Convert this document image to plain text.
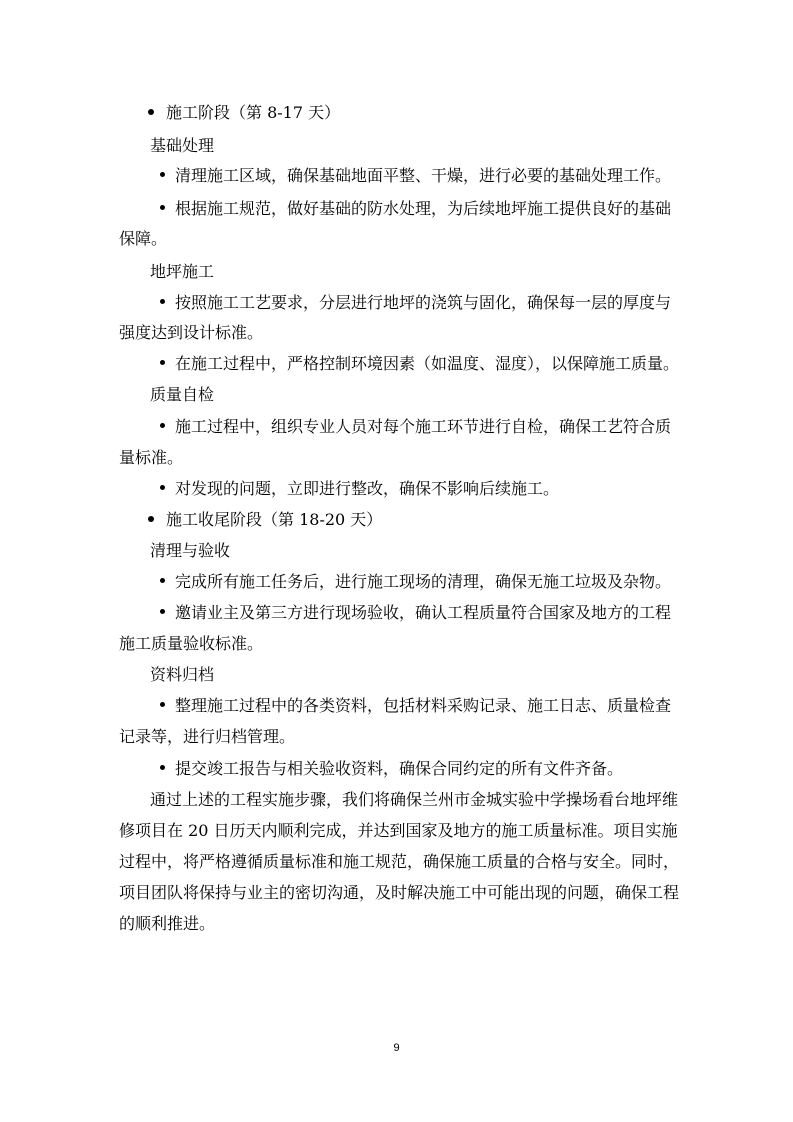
施工阶段（第 8-17 天）
基础处理
清理施工区域，确保基础地面平整、干燥，进行必要的基础处理工作。
根据施工规范，做好基础的防水处理，为后续地坪施工提供良好的基础
保障。
地坪施工
按照施工工艺要求，分层进行地坪的浇筑与固化，确保每一层的厚度与
强度达到设计标准。
在施工过程中，严格控制环境因素（如温度、湿度），以保障施工质量。
质量自检
施工过程中，组织专业人员对每个施工环节进行自检，确保工艺符合质
量标准。
对发现的问题，立即进行整改，确保不影响后续施工。
施工收尾阶段（第 18-20 天）
清理与验收
完成所有施工任务后，进行施工现场的清理，确保无施工垃圾及杂物。
邀请业主及第三方进行现场验收，确认工程质量符合国家及地方的工程
施工质量验收标准。
资料归档
整理施工过程中的各类资料，包括材料采购记录、施工日志、质量检查
记录等，进行归档管理。
提交竣工报告与相关验收资料，确保合同约定的所有文件齐备。
通过上述的工程实施步骤，我们将确保兰州市金城实验中学操场看台地坪维
修项目在 20 日历天内顺利完成，并达到国家及地方的施工质量标准。项目实施
过程中，将严格遵循质量标准和施工规范，确保施工质量的合格与安全。同时，
项目团队将保持与业主的密切沟通，及时解决施工中可能出现的问题，确保工程
的顺利推进。
9
